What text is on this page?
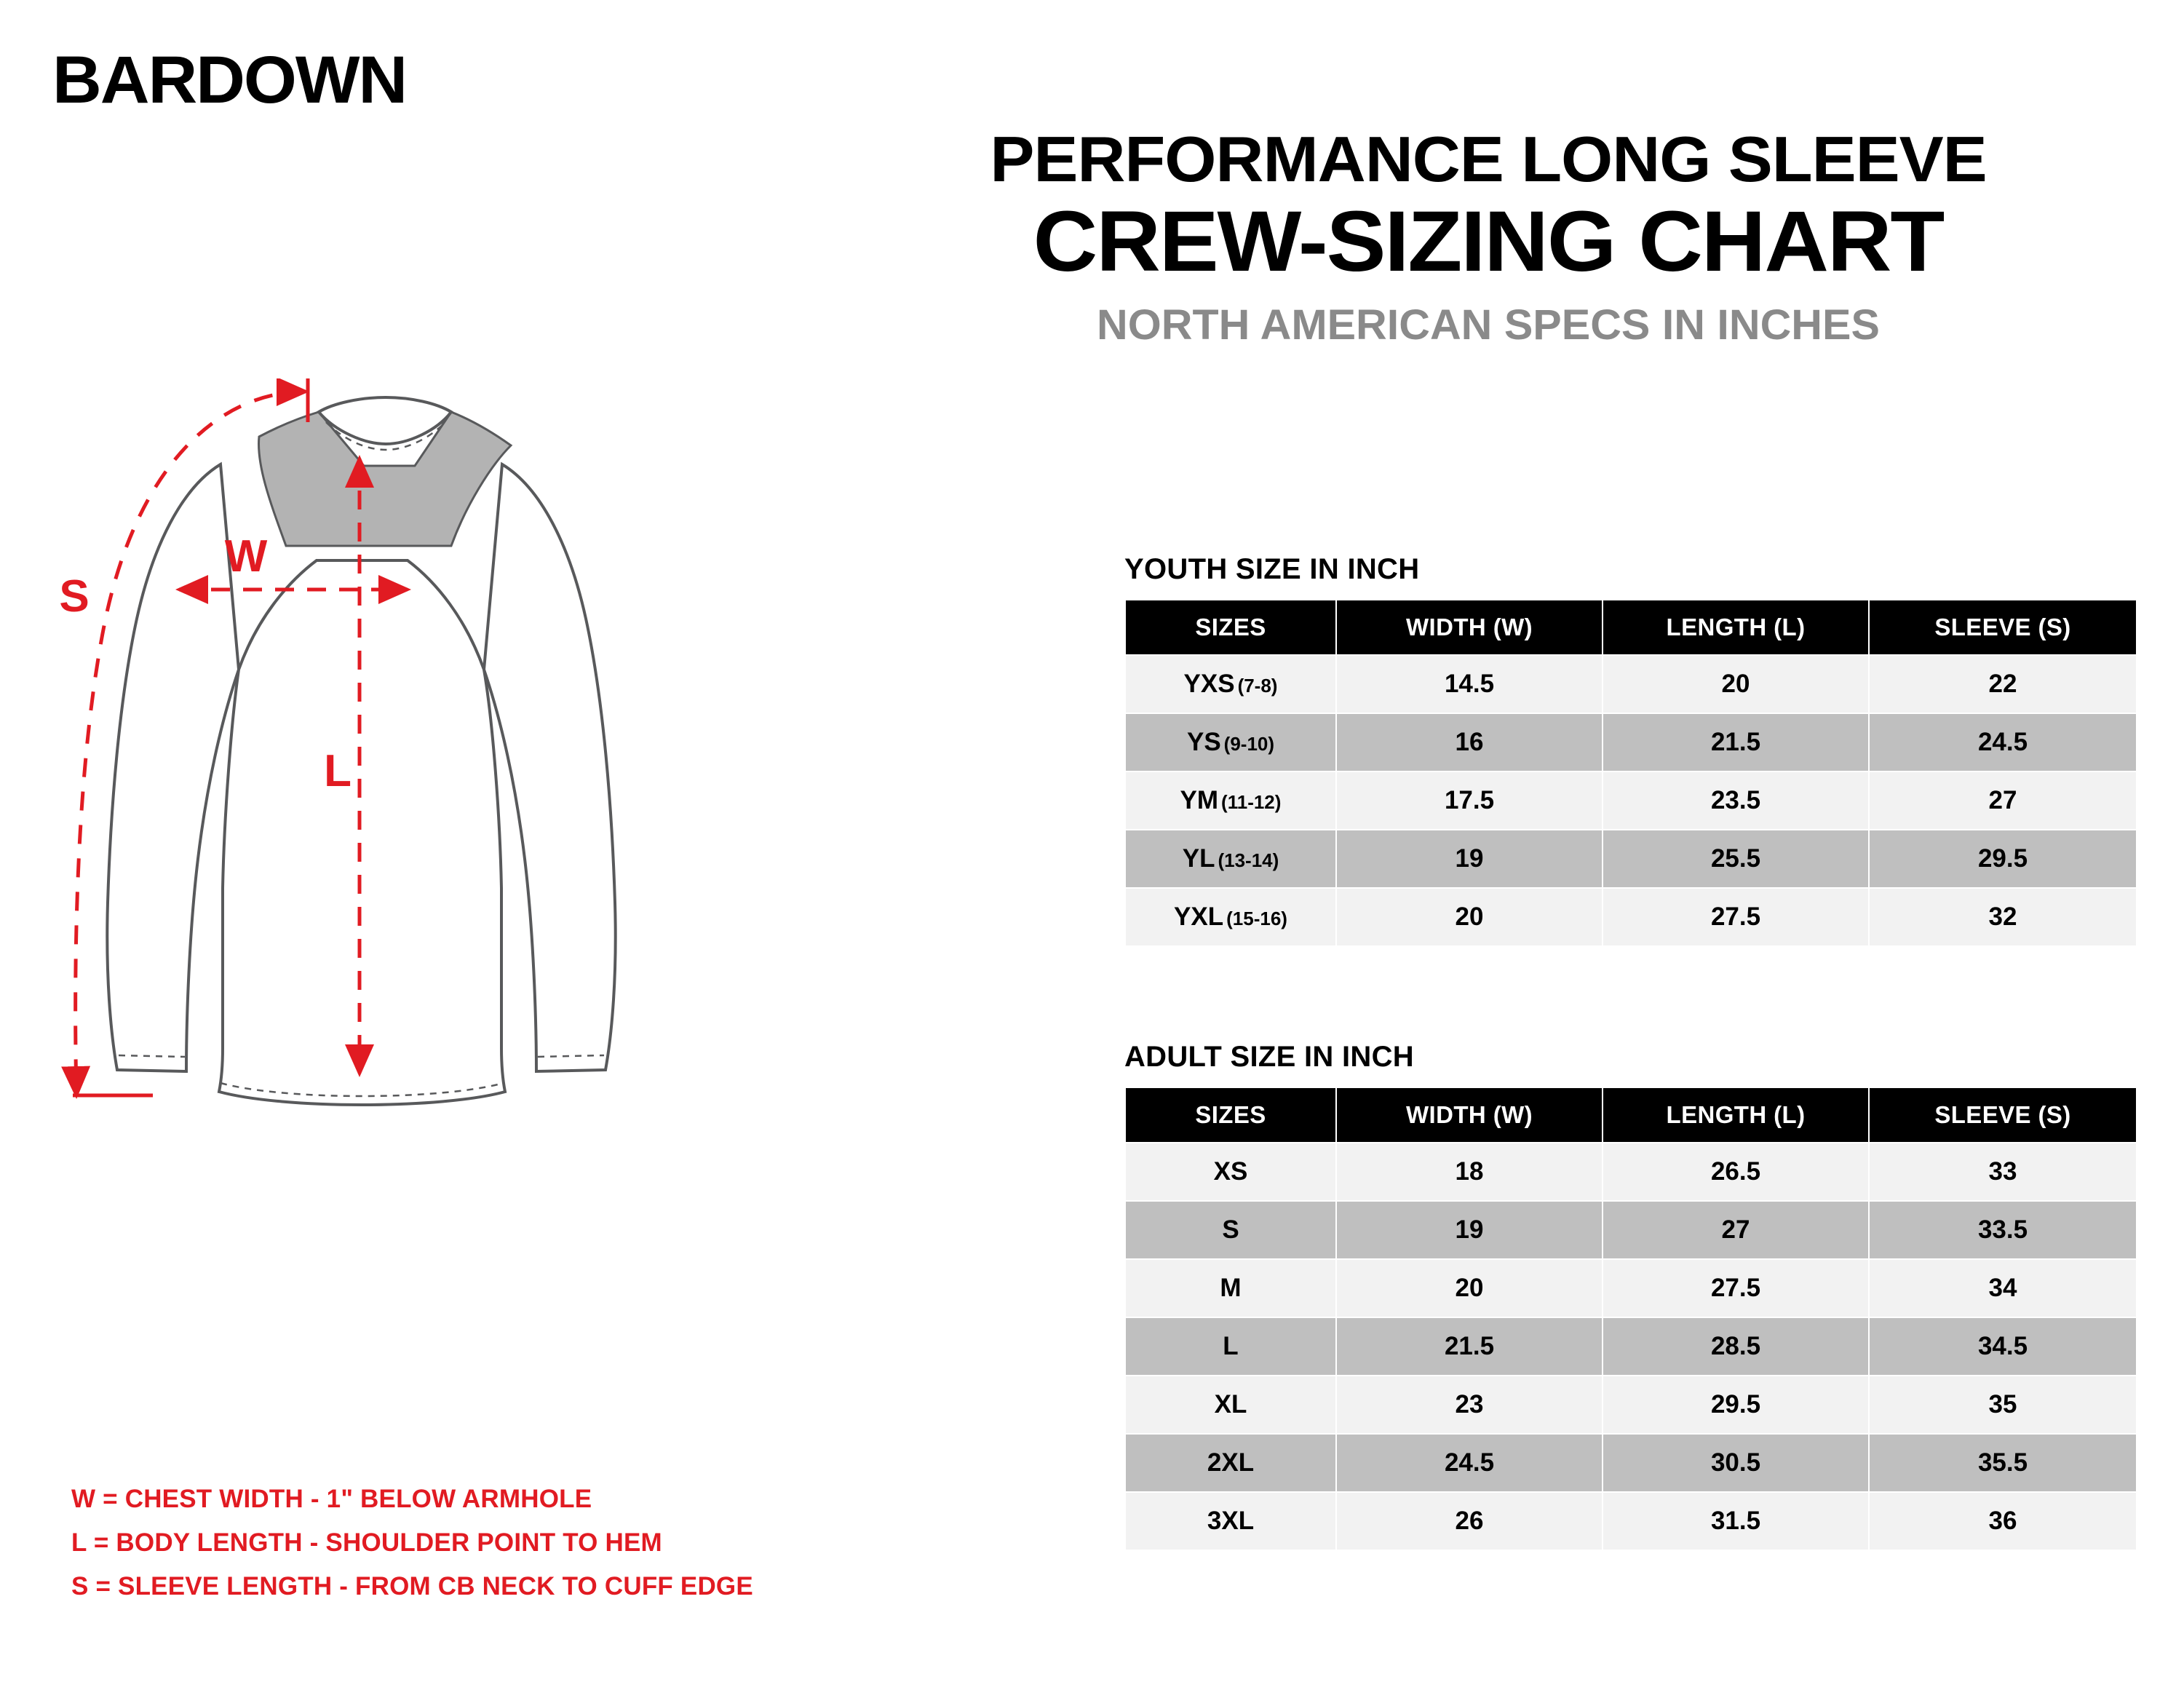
BARDOWN
PERFORMANCE LONG SLEEVE
CREW-SIZING CHART
NORTH AMERICAN SPECS IN INCHES
W
L
S
W = CHEST WIDTH - 1" BELOW ARMHOLE
L = BODY LENGTH - SHOULDER POINT TO HEM
S = SLEEVE LENGTH - FROM CB NECK TO CUFF EDGE
YOUTH SIZE IN INCH
SIZES	WIDTH (W)	LENGTH (L)	SLEEVE (S)
YXS (7-8)	14.5	20	22
YS (9-10)	16	21.5	24.5
YM (11-12)	17.5	23.5	27
YL (13-14)	19	25.5	29.5
YXL (15-16)	20	27.5	32
ADULT SIZE IN INCH
SIZES	WIDTH (W)	LENGTH (L)	SLEEVE (S)
XS	18	26.5	33
S	19	27	33.5
M	20	27.5	34
L	21.5	28.5	34.5
XL	23	29.5	35
2XL	24.5	30.5	35.5
3XL	26	31.5	36
